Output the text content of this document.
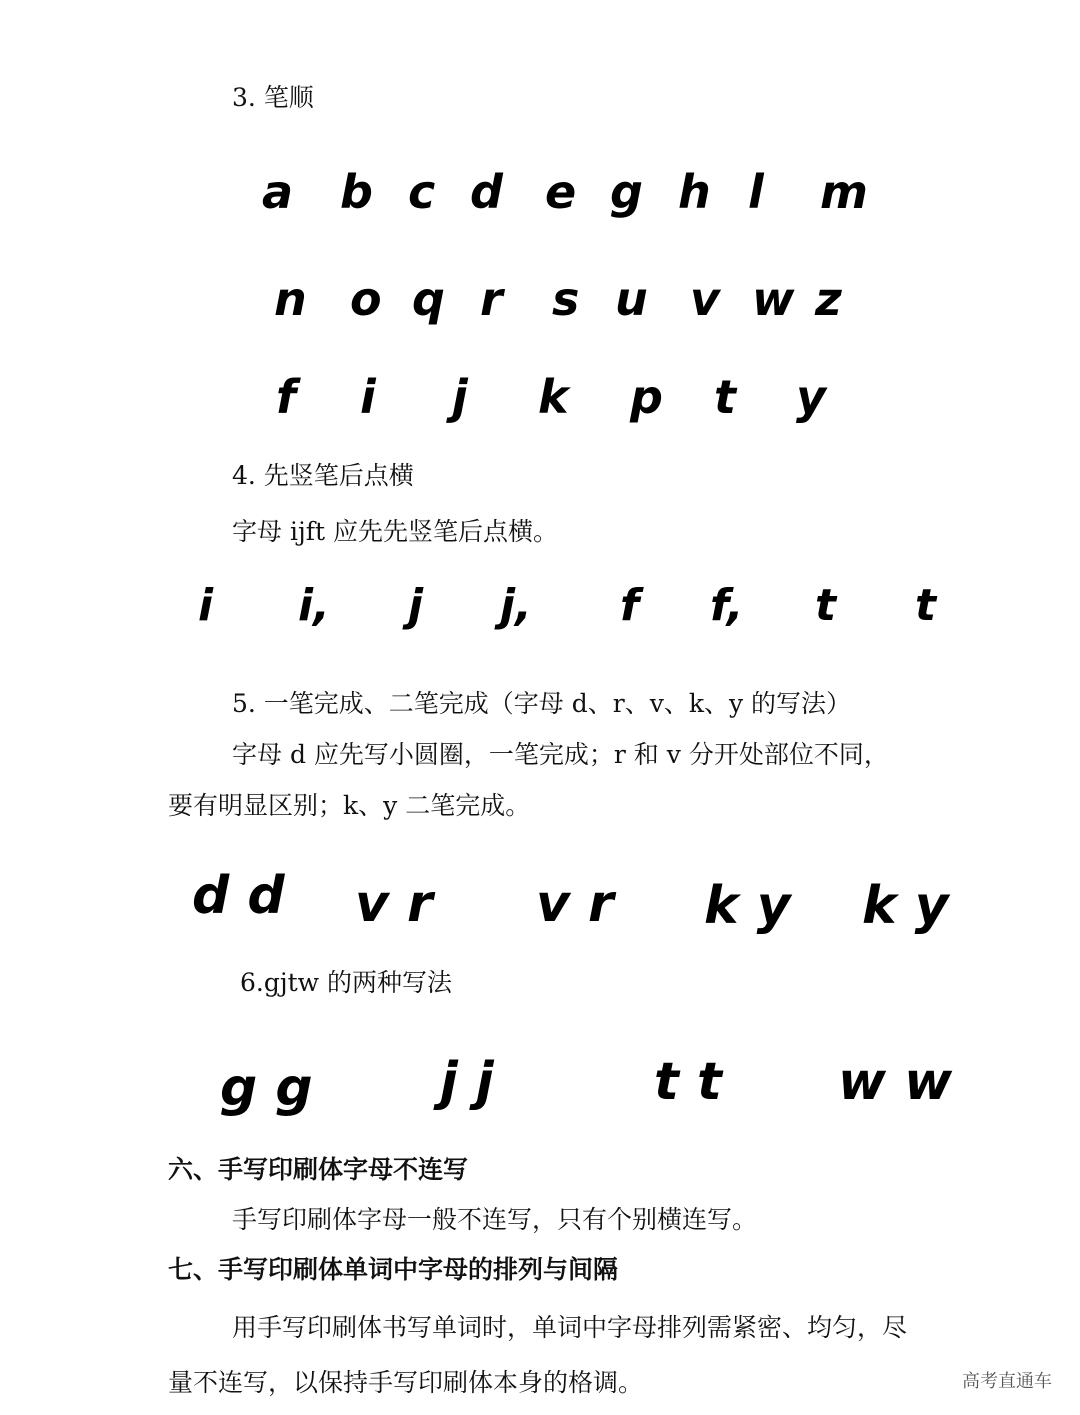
3. 笔顺
a b c d e g h l m
n o q r s u v w z
f i j k p t y
4. 先竖笔后点横
字母 ijft 应先先竖笔后点横。
i i, j j, f f, t t
5. 一笔完成、二笔完成（字母 d、r、v、k、y 的写法）
字母 d 应先写小圆圈，一笔完成；r 和 v 分开处部位不同，
要有明显区别；k、y 二笔完成。
d d v r v r k y k y
6.gjtw 的两种写法
g g j j	t t w w
六、手写印刷体字母不连写
手写印刷体字母一般不连写，只有个别横连写。
七、手写印刷体单词中字母的排列与间隔
用手写印刷体书写单词时，单词中字母排列需紧密、均匀，尽
量不连写，以保持手写印刷体本身的格调。	高考直通车
